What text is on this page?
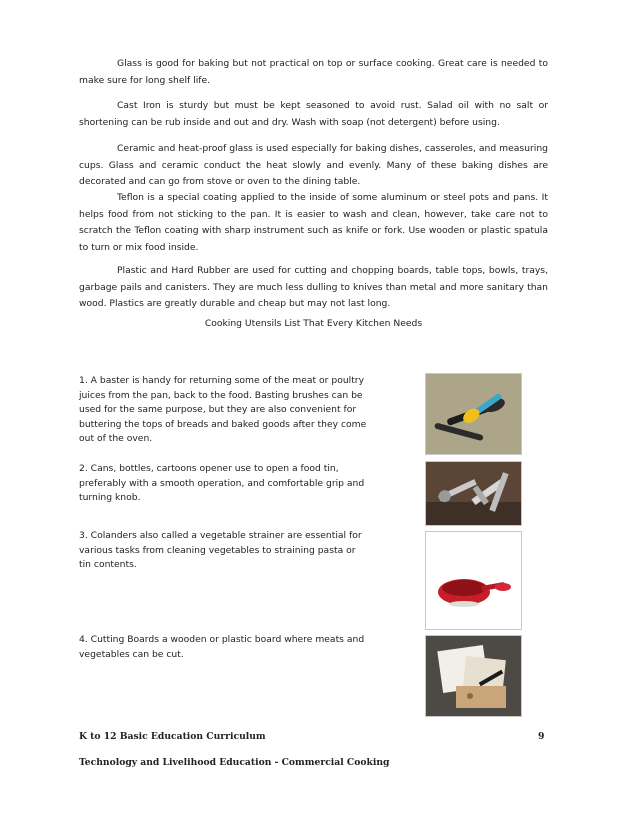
Glass is good for baking but not practical on top or surface cooking. Great care is needed to make sure for long shelf life.

Cast Iron is sturdy but must be kept seasoned to avoid rust. Salad oil with no salt or shortening can be rub inside and out and dry. Wash with soap (not detergent) before using.

Ceramic and heat-proof glass is used especially for baking dishes, casseroles, and measuring cups. Glass and ceramic conduct the heat slowly and evenly. Many of these baking dishes are decorated and can go from stove or oven to the dining table.

Teflon is a special coating applied to the inside of some aluminum or steel pots and pans. It helps food from not sticking to the pan. It is easier to wash and clean, however, take care not to scratch the Teflon coating with sharp instrument such as knife or fork. Use wooden or plastic spatula to turn or mix food inside.

Plastic and Hard Rubber are used for cutting and chopping boards, table tops, bowls, trays, garbage pails and canisters. They are much less dulling to knives than metal and more sanitary than wood. Plastics are greatly durable and cheap but may not last long.

Cooking Utensils List That Every Kitchen Needs

1. A baster is handy for returning some of the meat or poultry juices from the pan, back to the food. Basting brushes can be used for the same purpose, but they are also convenient for buttering the tops of breads and baked goods after they come out of the oven.

2. Cans, bottles, cartoons opener use to open a food tin, preferably with a smooth operation, and comfortable grip and turning knob.

3. Colanders also called a vegetable strainer are essential for various tasks from cleaning vegetables to straining pasta or tin contents.

4. Cutting Boards a wooden or plastic board where meats and vegetables can be cut.

K to 12 Basic Education Curriculum	9
Technology and Livelihood Education - Commercial Cooking
